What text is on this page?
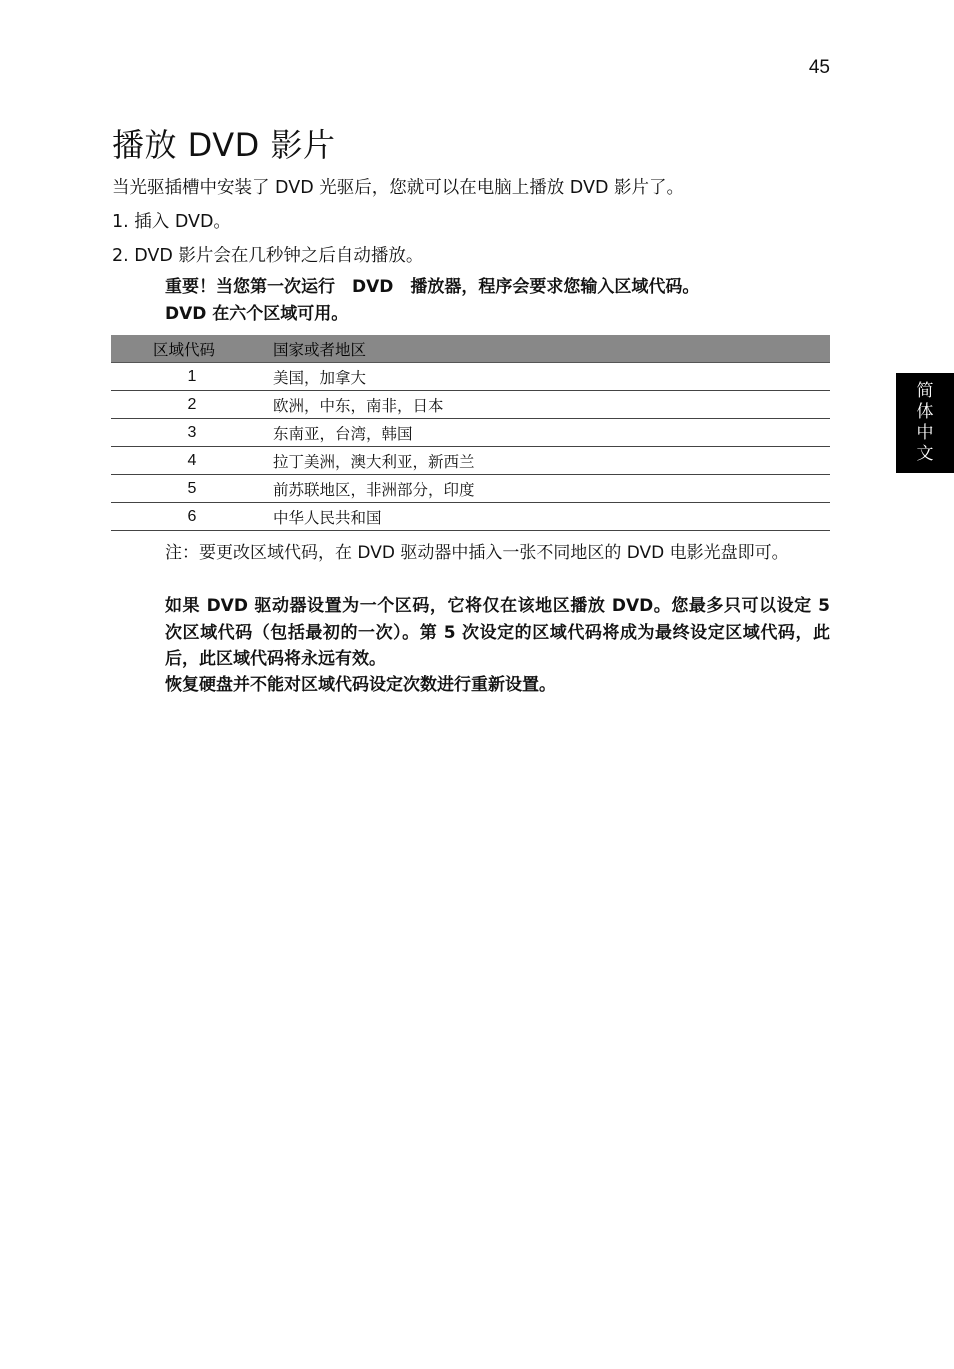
45
简
体
中
文
播放 DVD 影片

当光驱插槽中安装了 DVD 光驱后，您就可以在电脑上播放 DVD 影片了。

1. 插入 DVD。

2. DVD 影片会在几秒钟之后自动播放。

重要！当您第一次运行　DVD　播放器，程序会要求您输入区域代码。
DVD 在六个区域可用。
区域代码	国家或者地区
1	美国，加拿大
2	欧洲，中东，南非，日本
3	东南亚，台湾，韩国
4	拉丁美洲，澳大利亚，新西兰
5	前苏联地区，非洲部分，印度
6	中华人民共和国

注：要更改区域代码，在 DVD 驱动器中插入一张不同地区的 DVD 电影光盘即可。

如果 DVD 驱动器设置为一个区码，它将仅在该地区播放 DVD。您最多只可以设定 5 次区域代码（包括最初的一次）。第 5 次设定的区域代码将成为最终设定区域代码，此后，此区域代码将永远有效。

恢复硬盘并不能对区域代码设定次数进行重新设置。
